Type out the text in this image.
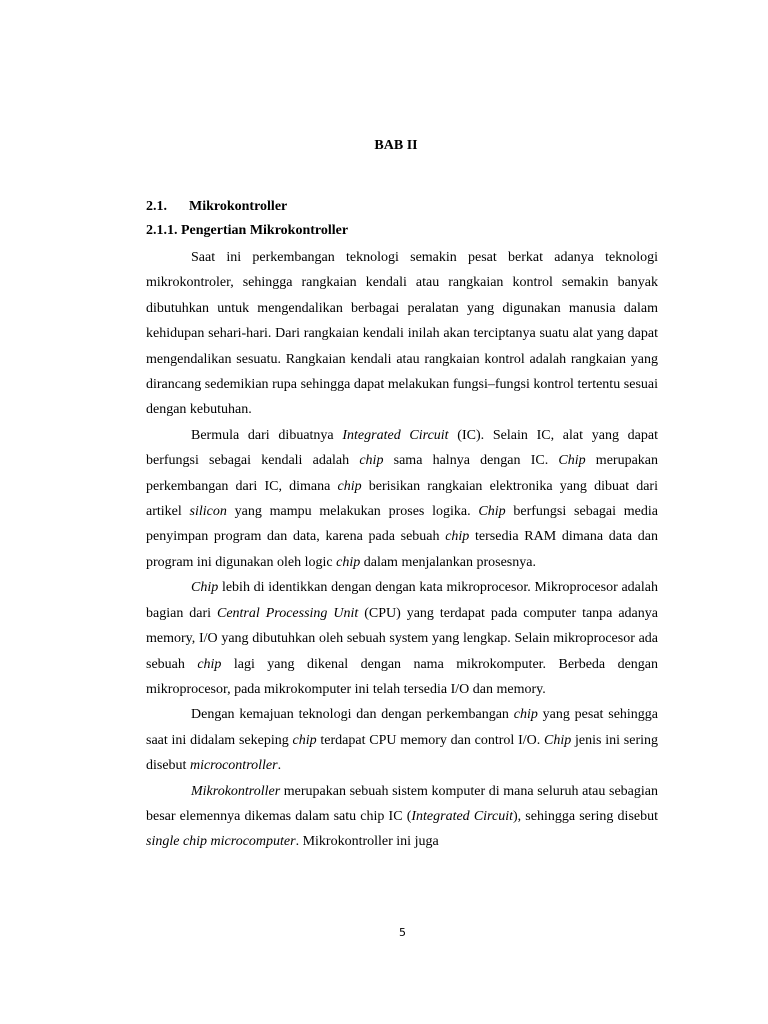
BAB II
2.1. Mikrokontroller
2.1.1. Pengertian Mikrokontroller

Saat ini perkembangan teknologi semakin pesat berkat adanya teknologi mikrokontroler, sehingga rangkaian kendali atau rangkaian kontrol semakin banyak dibutuhkan untuk mengendalikan berbagai peralatan yang digunakan manusia dalam kehidupan sehari-hari. Dari rangkaian kendali inilah akan terciptanya suatu alat yang dapat mengendalikan sesuatu. Rangkaian kendali atau rangkaian kontrol adalah rangkaian yang dirancang sedemikian rupa sehingga dapat melakukan fungsi–fungsi kontrol tertentu sesuai dengan kebutuhan.

Bermula dari dibuatnya Integrated Circuit (IC). Selain IC, alat yang dapat berfungsi sebagai kendali adalah chip sama halnya dengan IC. Chip merupakan perkembangan dari IC, dimana chip berisikan rangkaian elektronika yang dibuat dari artikel silicon yang mampu melakukan proses logika. Chip berfungsi sebagai media penyimpan program dan data, karena pada sebuah chip tersedia RAM dimana data dan program ini digunakan oleh logic chip dalam menjalankan prosesnya.

Chip lebih di identikkan dengan dengan kata mikroprocesor. Mikroprocesor adalah bagian dari Central Processing Unit (CPU) yang terdapat pada computer tanpa adanya memory, I/O yang dibutuhkan oleh sebuah system yang lengkap. Selain mikroprocesor ada sebuah chip lagi yang dikenal dengan nama mikrokomputer. Berbeda dengan mikroprocesor, pada mikrokomputer ini telah tersedia I/O dan memory.

Dengan kemajuan teknologi dan dengan perkembangan chip yang pesat sehingga saat ini didalam sekeping chip terdapat CPU memory dan control I/O. Chip jenis ini sering disebut microcontroller.

Mikrokontroller merupakan sebuah sistem komputer di mana seluruh atau sebagian besar elemennya dikemas dalam satu chip IC (Integrated Circuit), sehingga sering disebut single chip microcomputer. Mikrokontroller ini juga

5
